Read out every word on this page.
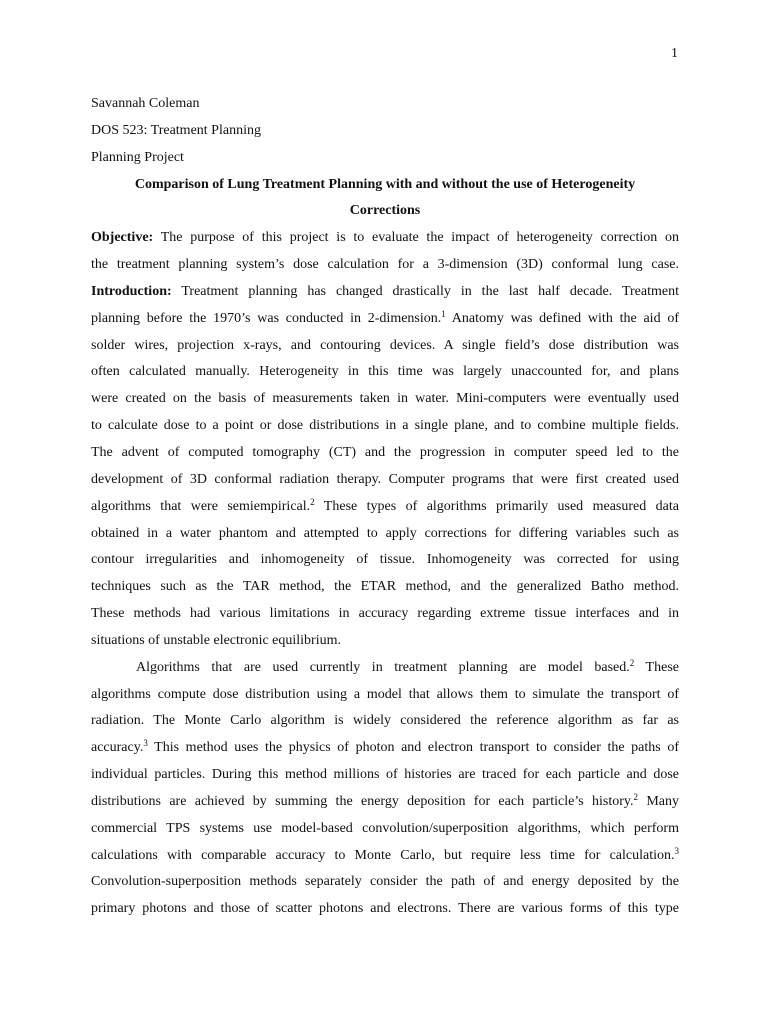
1
Savannah Coleman
DOS 523: Treatment Planning
Planning Project
Comparison of Lung Treatment Planning with and without the use of Heterogeneity
Corrections
Objective: The purpose of this project is to evaluate the impact of heterogeneity correction on
the treatment planning system’s dose calculation for a 3-dimension (3D) conformal lung case.
Introduction: Treatment planning has changed drastically in the last half decade. Treatment
planning before the 1970’s was conducted in 2-dimension.$^1$ Anatomy was defined with the aid of
solder wires, projection x-rays, and contouring devices. A single field’s dose distribution was
often calculated manually. Heterogeneity in this time was largely unaccounted for, and plans
were created on the basis of measurements taken in water. Mini-computers were eventually used
to calculate dose to a point or dose distributions in a single plane, and to combine multiple fields.
The advent of computed tomography (CT) and the progression in computer speed led to the
development of 3D conformal radiation therapy. Computer programs that were first created used
algorithms that were semiempirical.$^2$ These types of algorithms primarily used measured data
obtained in a water phantom and attempted to apply corrections for differing variables such as
contour irregularities and inhomogeneity of tissue. Inhomogeneity was corrected for using
techniques such as the TAR method, the ETAR method, and the generalized Batho method.
These methods had various limitations in accuracy regarding extreme tissue interfaces and in
situations of unstable electronic equilibrium.
Algorithms that are used currently in treatment planning are model based.$^2$ These
algorithms compute dose distribution using a model that allows them to simulate the transport of
radiation. The Monte Carlo algorithm is widely considered the reference algorithm as far as
accuracy.$^3$ This method uses the physics of photon and electron transport to consider the paths of
individual particles. During this method millions of histories are traced for each particle and dose
distributions are achieved by summing the energy deposition for each particle’s history.$^2$ Many
commercial TPS systems use model-based convolution/superposition algorithms, which perform
calculations with comparable accuracy to Monte Carlo, but require less time for calculation.$^3$
Convolution-superposition methods separately consider the path of and energy deposited by the
primary photons and those of scatter photons and electrons. There are various forms of this type
